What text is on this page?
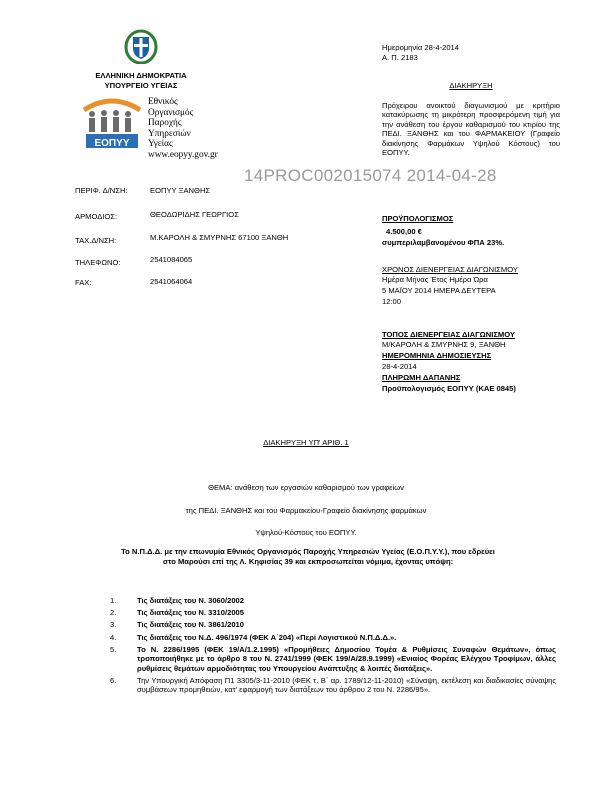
ΕΛΛΗΝΙΚΗ ΔΗΜΟΚΡΑΤΙΑ
ΥΠΟΥΡΓΕΙΟ ΥΓΕΙΑΣ
ΕΟΠΥΥ
Εθνικός
Οργανισμός
Παροχής
Υπηρεσιών
Υγείας
www.eopyy.gov.gr
ΠΕΡΙΦ. Δ/ΝΣΗ:	ΕΟΠΥΥ ΞΑΝΘΗΣ
ΑΡΜΟΔΙΟΣ:	ΘΕΟΔΩΡΙΔΗΣ ΓΕΩΡΓΙΟΣ
ΤΑΧ.Δ/ΝΣΗ:	Μ.ΚΑΡΟΛΗ & ΣΜΥΡΝΗΣ 67100 ΞΑΝΘΗ
ΤΗΛΕΦΩΝΟ:	2541084065
FAX:	2541064064
Ημερομηνία 28-4-2014
Α. Π. 2183
ΔΙΑΚΗΡΥΞΗ
Πρόχειρου ανοικτού διαγωνισμού με κριτήριο κατακύρωσης τη μικρότερη προσφερόμενη τιμή για την ανάθεση του έργου καθαρισμού του κτιρίου της ΠΕΔΙ. ΞΑΝΘΗΣ και του ΦΑΡΜΑΚΕΙΟΥ (Γραφείο διακίνησης Φαρμάκων Υψηλού Κόστους) του ΕΟΠΥΥ.
ΠΡΟΫΠΟΛΟΓΙΣΜΟΣ
4.500,00 €
συμπεριλαμβανομένου ΦΠΑ 23%.
ΧΡΟΝΟΣ ΔΙΕΝΕΡΓΕΙΑΣ ΔΙΑΓΩΝΙΣΜΟΥ
Ημέρα Μήνας Έτος Ημέρα Ώρα
5 ΜΑΪΟΥ 2014 ΗΜΕΡΑ ΔΕΥΤΕΡΑ
12:00
ΤΟΠΟΣ ΔΙΕΝΕΡΓΕΙΑΣ ΔΙΑΓΩΝΙΣΜΟΥ
Μ/ΚΑΡΟΛΗ & ΣΜΥΡΝΗΣ 9, ΞΑΝΘΗ
ΗΜΕΡΟΜΗΝΙΑ ΔΗΜΟΣΙΕΥΣΗΣ
28-4-2014
ΠΛΗΡΩΜΗ ΔΑΠΑΝΗΣ
Προϋπολογισμός ΕΟΠΥΥ (ΚΑΕ 0845)
14PROC002015074 2014-04-28
ΔΙΑΚΗΡΥΞΗ ΥΠ' ΑΡΙΘ. 1
ΘΕΜΑ: ανάθεση των εργασιών καθαρισμού των γραφείων
της ΠΕΔΙ. ΞΑΝΘΗΣ και του Φαρμακείου-Γραφείο διακίνησης φαρμάκων
Υψηλού-Κόστους του ΕΟΠΥΥ.
Το Ν.Π.Δ.Δ. με την επωνυμία Εθνικός Οργανισμός Παροχής Υπηρεσιών Υγείας (Ε.Ο.Π.Υ.Υ.), που εδρεύει στο Μαρούσι επί της Λ. Κηφισίας 39 και εκπροσωπείται νόμιμα, έχοντας υπόψη:
1.	Τις διατάξεις του Ν. 3060/2002
2.	Τις διατάξεις του Ν. 3310/2005
3.	Τις διατάξεις του Ν. 3861/2010
4.	Τις διατάξεις του Ν.Δ. 496/1974 (ΦΕΚ Α΄204) «Περί Λογιστικού Ν.Π.Δ.Δ.».
5.	Το Ν. 2286/1995 (ΦΕΚ 19/Α/1.2.1995) «Προμήθειες Δημοσίου Τομέα & Ρυθμίσεις Συναφών Θεμάτων», όπως τροποποιήθηκε με το άρθρο 8 του Ν. 2741/1999 (ΦΕΚ 199/Α/28.9.1999) «Ενιαίος Φορέας Ελέγχου Τροφίμων, άλλες ρυθμίσεις θεμάτων αρμοδιότητας του Υπουργείου Ανάπτυξης & λοιπές διατάξεις».
6.	Την Υπουργική Απόφαση Π1 3305/3-11-2010 (ΦΕΚ τ. Β΄ αρ. 1789/12-11-2010) «Σύναψη, εκτέλεση και διαδικασίες σύναψης συμβάσεων προμηθειών, κατ' εφαρμογή των διατάξεων του άρθρου 2 του Ν. 2286/95».
